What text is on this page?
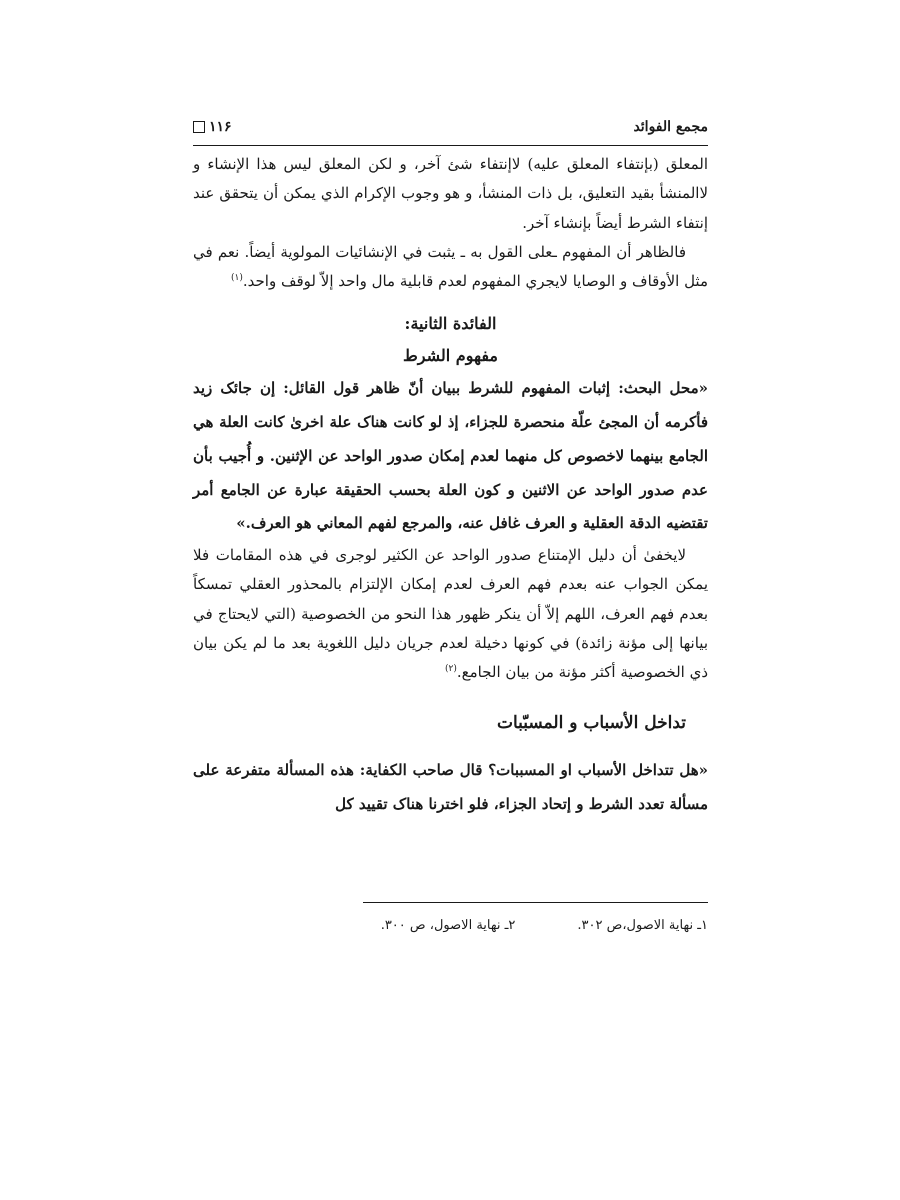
۱۱۶	مجمع الفوائد

المعلق (بإنتفاء المعلق عليه) لاإنتفاء شئ آخر، و لكن المعلق ليس هذا الإنشاء و لاالمنشأ بقيد التعليق، بل ذات المنشأ، و هو وجوب الإكرام الذي يمكن أن يتحقق عند إنتفاء الشرط أيضاً بإنشاء آخر.

فالظاهر أن المفهوم ـعلى القول به ـ يثبت في الإنشائيات المولوية أيضاً. نعم في مثل الأوقاف و الوصايا لايجري المفهوم لعدم قابلية مال واحد إلاّ لوقف واحد.$^{(۱)}$

الفائدة الثانية:
مفهوم الشرط

«محل البحث: إثبات المفهوم للشرط ببيان أنّ ظاهر قول القائل: إن جائک زيد فأكرمه أن المجئ علّة منحصرة للجزاء، إذ لو كانت هناک علة اخرىٰ كانت العلة هي الجامع بينهما لاخصوص كل منهما لعدم إمكان صدور الواحد عن الإثنين. و أُجيب بأن عدم صدور الواحد عن الاثنين و كون العلة بحسب الحقيقة عبارة عن الجامع أمر تقتضيه الدقة العقلية و العرف غافل عنه، والمرجع لفهم المعاني هو العرف.»

لايخفىٰ أن دليل الإمتناع صدور الواحد عن الكثير لوجرى في هذه المقامات فلا يمكن الجواب عنه بعدم فهم العرف لعدم إمكان الإلتزام بالمحذور العقلي تمسكاً بعدم فهم العرف، اللهم إلاّ أن ينكر ظهور هذا النحو من الخصوصية (التي لايحتاج في بيانها إلى مؤنة زائدة) في كونها دخيلة لعدم جريان دليل اللغوية بعد ما لم يكن بيان ذي الخصوصية أكثر مؤنة من بيان الجامع.$^{(۲)}$

تداخل الأسباب و المسبّبات

«هل تتداخل الأسباب او المسببات؟ قال صاحب الكفاية: هذه المسألة متفرعة على مسألة تعدد الشرط و إتحاد الجزاء، فلو اخترنا هناک تقييد كل

۱ـ نهاية الاصول،ص ۳۰۲.
۲ـ نهاية الاصول، ص ۳۰۰.
